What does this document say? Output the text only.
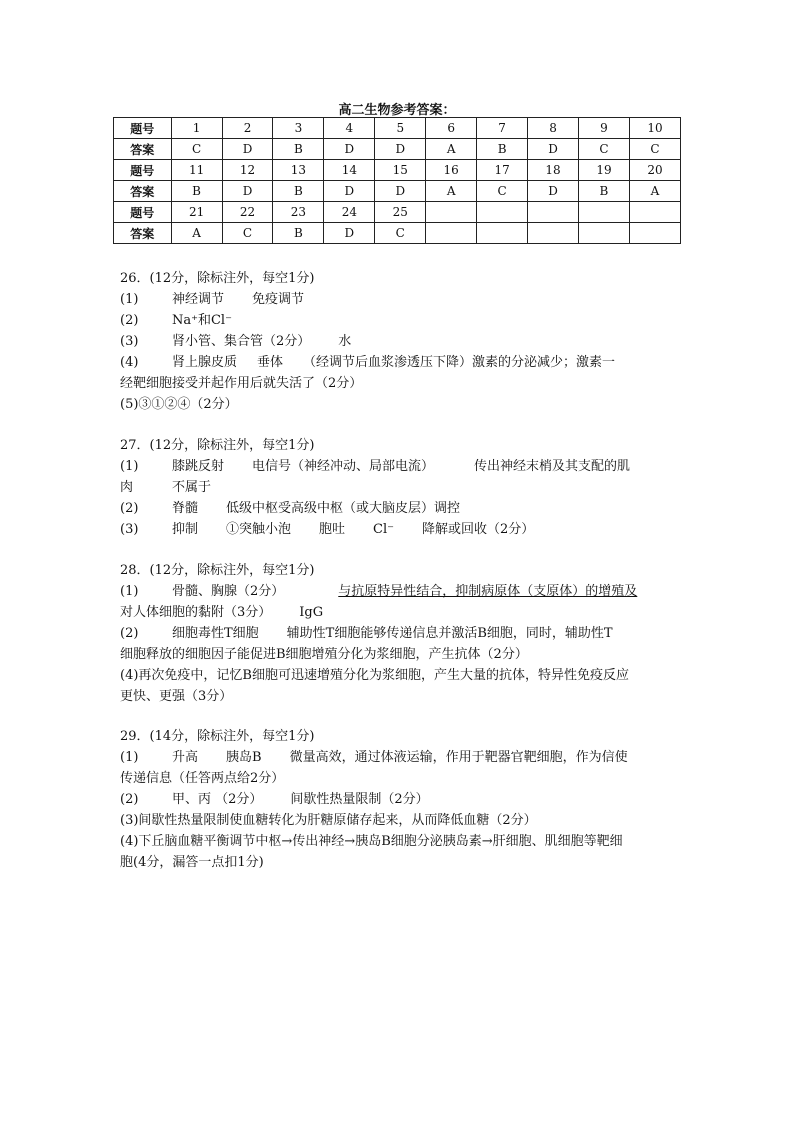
高二生物参考答案：
题号	1	2	3	4	5	6	7	8	9	10
答案	C	D	B	D	D	A	B	D	C	C
题号	11	12	13	14	15	16	17	18	19	20
答案	B	D	B	D	D	A	C	D	B	A
题号	21	22	23	24	25					
答案	A	C	B	D	C					
26．(12分，除标注外，每空1分)
(1)	神经调节 免疫调节
(2)	Na⁺和Cl⁻
(3)	肾小管、集合管（2分） 水
(4)	肾上腺皮质 垂体 （经调节后血浆渗透压下降）激素的分泌减少；激素一
经靶细胞接受并起作用后就失活了（2分）
(5)③①②④（2分）
27．(12分，除标注外，每空1分)
(1)	膝跳反射 电信号（神经冲动、局部电流）	传出神经末梢及其支配的肌
肉	不属于
(2)	脊髓 低级中枢受高级中枢（或大脑皮层）调控
(3)	抑制 ①突触小泡 胞吐 Cl⁻ 降解或回收（2分）
28．(12分，除标注外，每空1分)
(1)	骨髓、胸腺（2分）	与抗原特异性结合，抑制病原体（支原体）的增殖及
对人体细胞的黏附（3分） IgG
(2)	细胞毒性T细胞 辅助性T细胞能够传递信息并激活B细胞，同时，辅助性T
细胞释放的细胞因子能促进B细胞增殖分化为浆细胞，产生抗体（2分）
(4)再次免疫中，记忆B细胞可迅速增殖分化为浆细胞，产生大量的抗体，特异性免疫反应
更快、更强（3分）
29．(14分，除标注外，每空1分)
(1)	升高 胰岛B 微量高效，通过体液运输，作用于靶器官靶细胞，作为信使
传递信息（任答两点给2分）
(2)	甲、丙 （2分） 间歇性热量限制（2分）
(3)间歇性热量限制使血糖转化为肝糖原储存起来，从而降低血糖（2分）
(4)下丘脑血糖平衡调节中枢→传出神经→胰岛B细胞分泌胰岛素→肝细胞、肌细胞等靶细
胞(4分，漏答一点扣1分)
